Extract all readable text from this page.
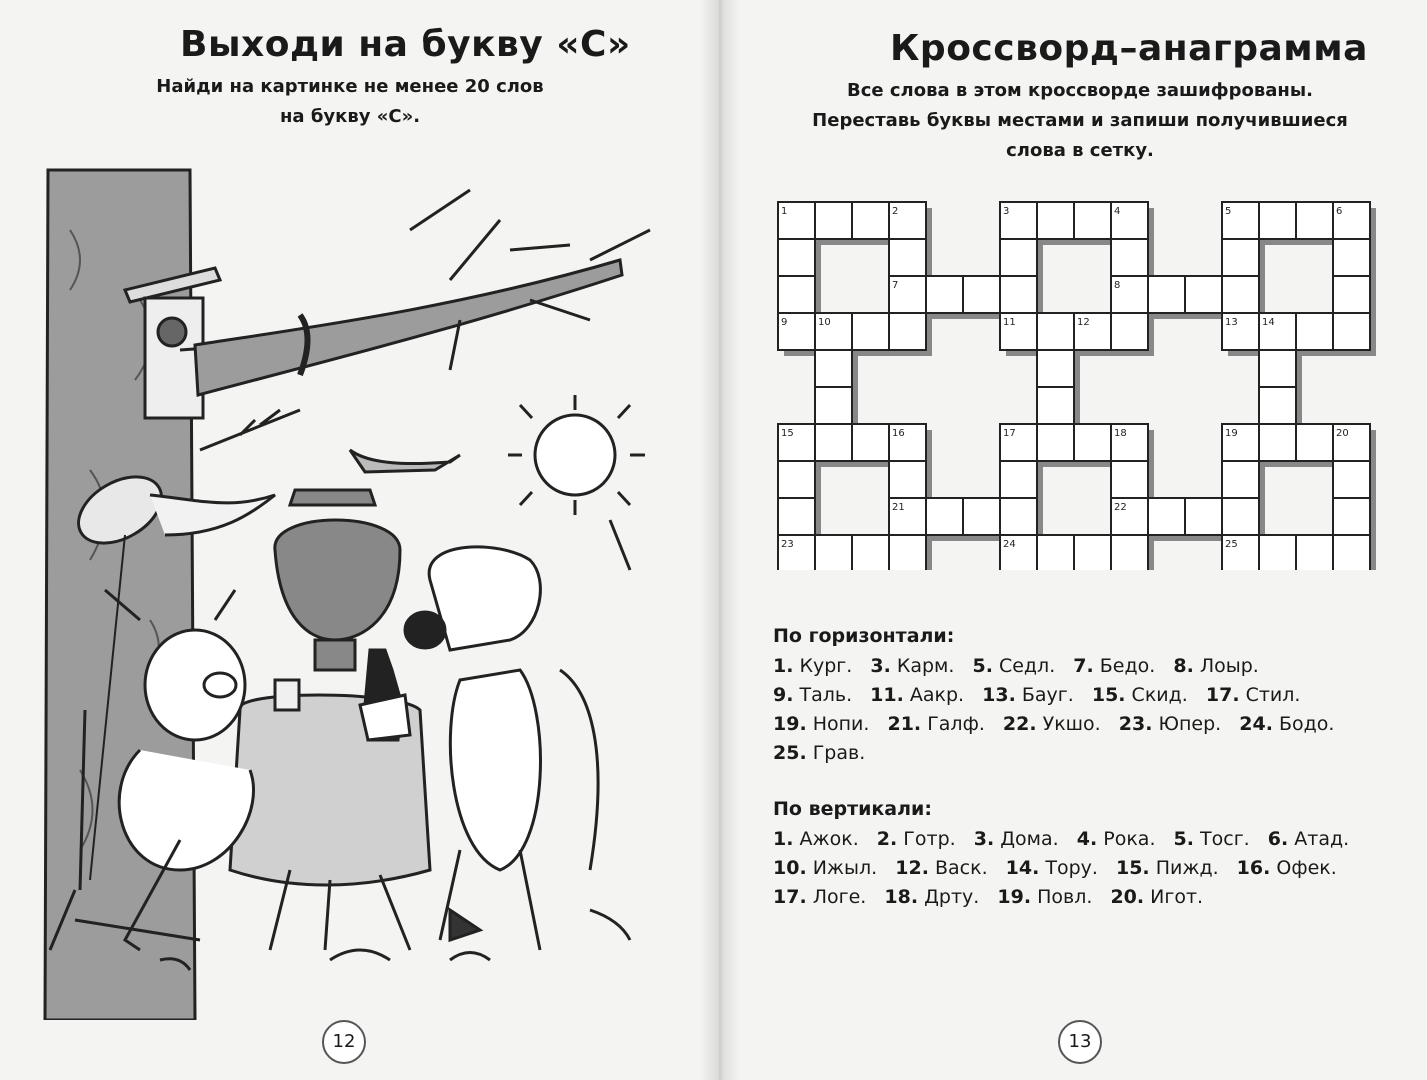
Выходи на букву «С»
Найди на картинке не менее 20 слов
на букву «С».
12
Кроссворд–анаграмма
Все слова в этом кроссворде зашифрованы.
Переставь буквы местами и запиши получившиеся
слова в сетку.
1	2	3	4	5	6
7	8
9	10	11	12	13 14
15	16	17	18	19	20
21	22
23	24	25
По горизонтали:
1. Кург. 3. Карм. 5. Седл. 7. Бедо. 8. Лоыр.
9. Таль. 11. Аакр. 13. Бауг. 15. Скид. 17. Стил.
19. Нопи. 21. Галф. 22. Укшо. 23. Юпер. 24. Бодо.
25. Грав.
По вертикали:
1. Ажок. 2. Готр. 3. Дома. 4. Рока. 5. Тосг. 6. Атад.
10. Ижыл. 12. Васк. 14. Тору. 15. Пижд. 16. Офек.
17. Логе. 18. Дрту. 19. Повл. 20. Игот.
13
